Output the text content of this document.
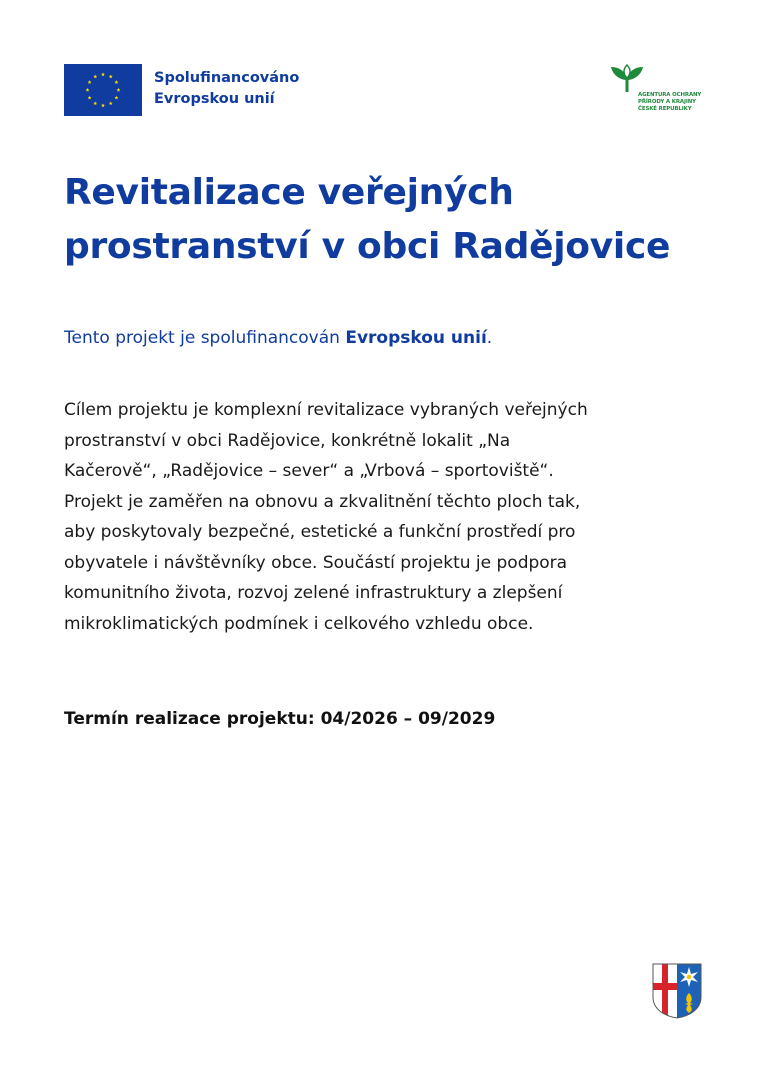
Spolufinancováno
Evropskou unií	AGENTURA OCHRANY
PŘÍRODY A KRAJINY
ČESKÉ REPUBLIKY
Revitalizace veřejných
prostranství v obci Radějovice

Tento projekt je spolufinancován Evropskou unií.

Cílem projektu je komplexní revitalizace vybraných veřejných
prostranství v obci Radějovice, konkrétně lokalit „Na
Kačerově“, „Radějovice – sever“ a „Vrbová – sportoviště“.
Projekt je zaměřen na obnovu a zkvalitnění těchto ploch tak,
aby poskytovaly bezpečné, estetické a funkční prostředí pro
obyvatele i návštěvníky obce. Součástí projektu je podpora
komunitního života, rozvoj zelené infrastruktury a zlepšení
mikroklimatických podmínek i celkového vzhledu obce.

Termín realizace projektu: 04/2026 – 09/2029
